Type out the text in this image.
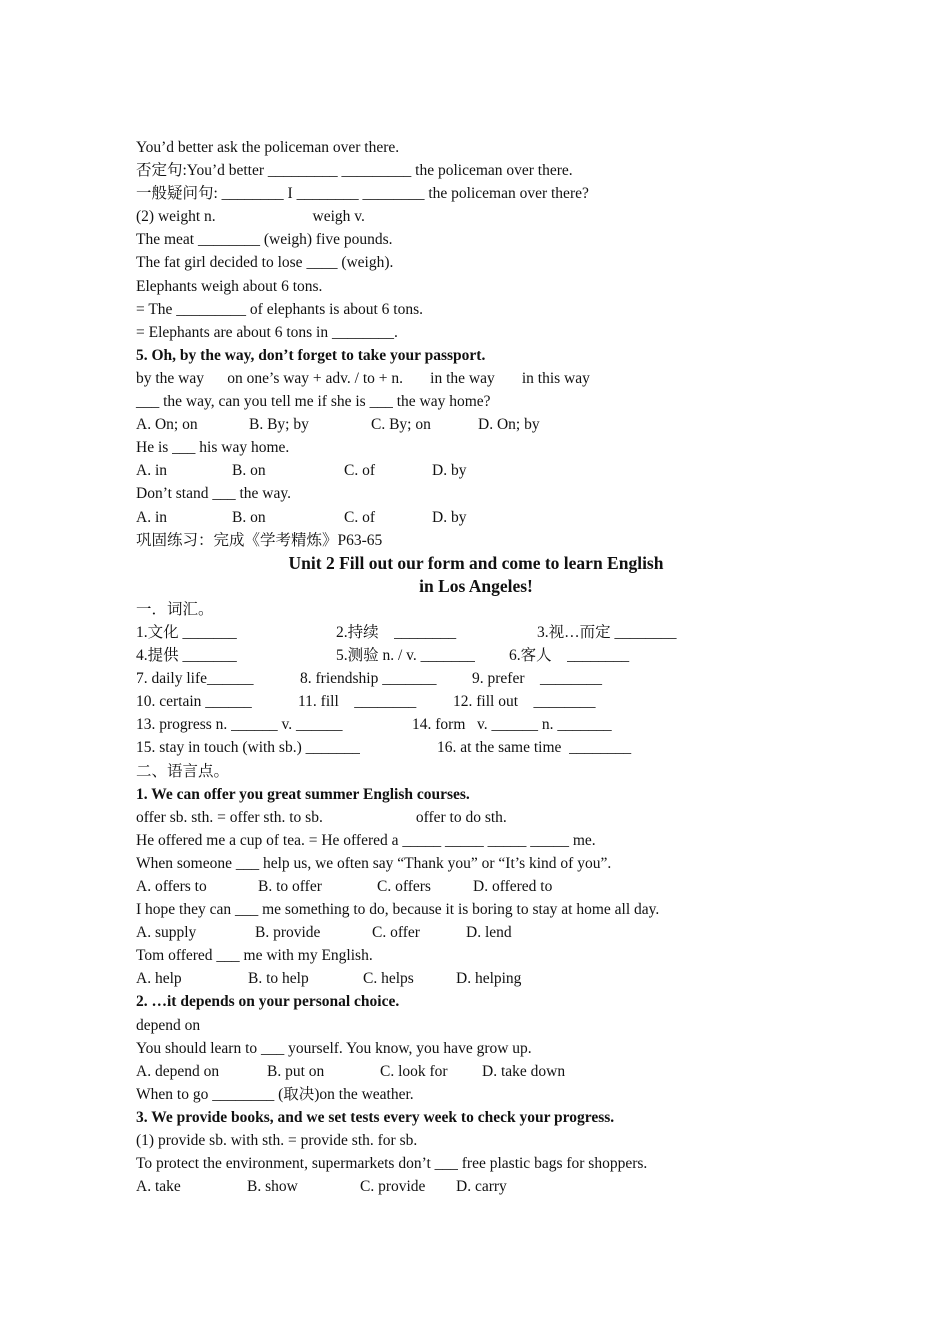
You’d better ask the policeman over there.
否定句:You’d better _________ _________ the policeman over there.
一般疑问句: ________ I ________ ________ the policeman over there?
(2) weight n.                         weigh v.
The meat ________ (weigh) five pounds.
The fat girl decided to lose ____ (weigh).
Elephants weigh about 6 tons.
= The _________ of elephants is about 6 tons.
= Elephants are about 6 tons in ________.
5. Oh, by the way, don’t forget to take your passport.
by the way      on one’s way + adv. / to + n.       in the way       in this way
___ the way, can you tell me if she is ___ the way home?
A. On; on	B. By; by	C. By; on	D. On; by
He is ___ his way home.
A. in	B. on	C. of	D. by
Don’t stand ___ the way.
A. in	B. on	C. of	D. by
巩固练习：完成《学考精炼》P63-65
Unit 2 Fill out our form and come to learn English
in Los Angeles!
一．词汇。
1.文化 _______	2.持续    ________	3.视…而定 ________
4.提供 _______	5.测验 n. / v. _______	6.客人    ________
7. daily life______	8. friendship _______	9. prefer    ________
10. certain ______	11. fill    ________	12. fill out    ________
13. progress n. ______ v. ______	14. form   v. ______ n. _______
15. stay in touch (with sb.) _______	16. at the same time  ________
二、语言点。
1. We can offer you great summer English courses.
offer sb. sth. = offer sth. to sb.                        offer to do sth.
He offered me a cup of tea. = He offered a _____ _____ _____ _____ me.
When someone ___ help us, we often say “Thank you” or “It’s kind of you”.
A. offers to	B. to offer	C. offers	D. offered to
I hope they can ___ me something to do, because it is boring to stay at home all day.
A. supply	B. provide	C. offer	D. lend
Tom offered ___ me with my English.
A. help	B. to help	C. helps	D. helping
2. …it depends on your personal choice.
depend on
You should learn to ___ yourself. You know, you have grow up.
A. depend on	B. put on	C. look for	D. take down
When to go ________ (取决)on the weather.
3. We provide books, and we set tests every week to check your progress.
(1) provide sb. with sth. = provide sth. for sb.
To protect the environment, supermarkets don’t ___ free plastic bags for shoppers.
A. take	B. show	C. provide	D. carry
